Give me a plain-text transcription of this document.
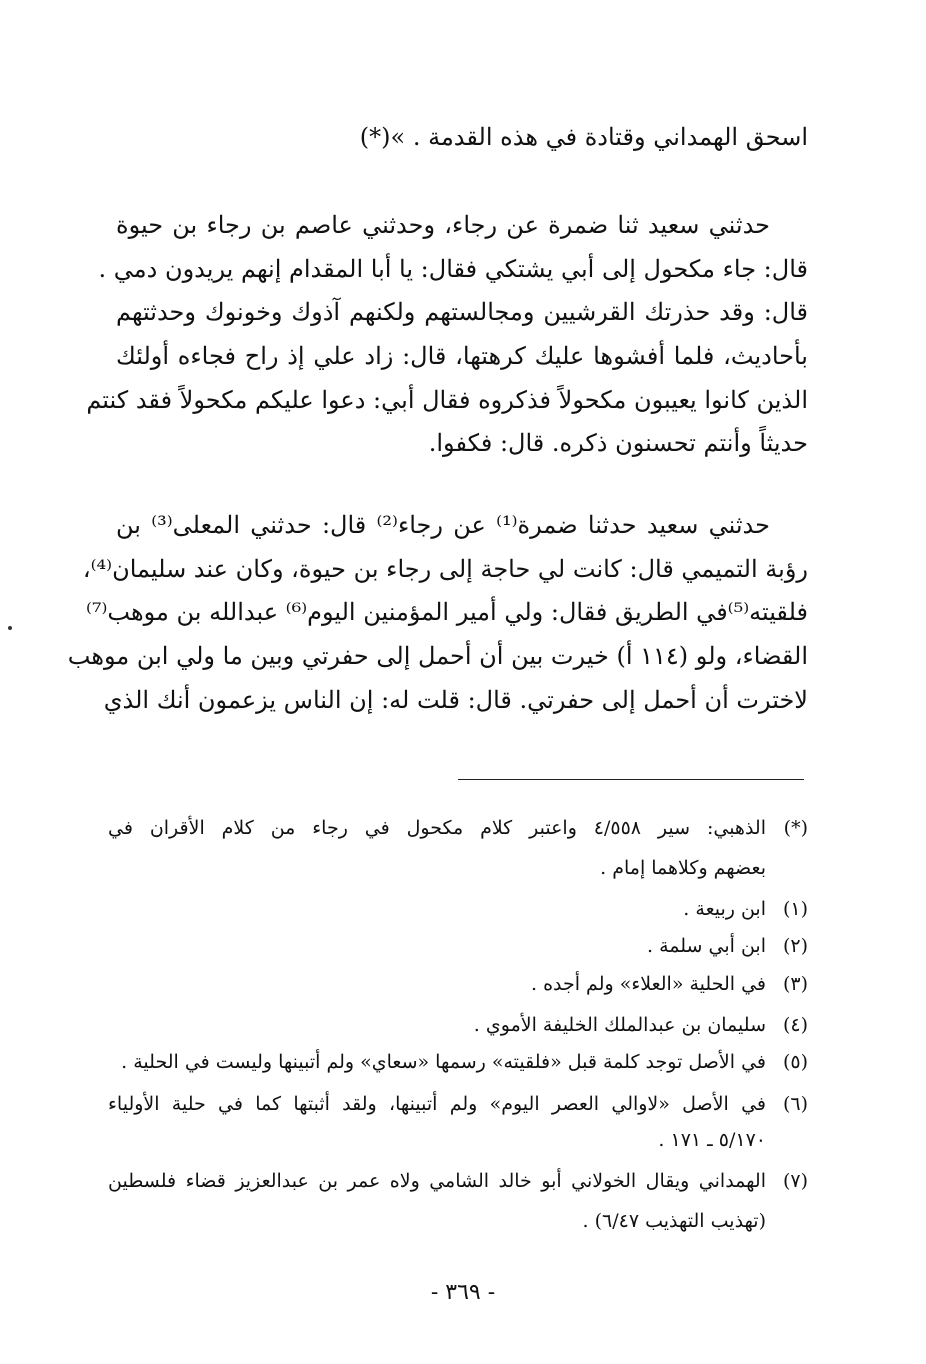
اسحق الهمداني وقتادة في هذه القدمة . »(*)
حدثني سعيد ثنا ضمرة عن رجاء، وحدثني عاصم بن رجاء بن حيوة
قال: جاء مكحول إلى أبي يشتكي فقال: يا أبا المقدام إنهم يريدون دمي .
قال: وقد حذرتك القرشيين ومجالستهم ولكنهم آذوك وخونوك وحدثتهم
بأحاديث، فلما أفشوها عليك كرهتها، قال: زاد علي إذ راح فجاءه أولئك
الذين كانوا يعيبون مكحولاً فذكروه فقال أبي: دعوا عليكم مكحولاً فقد كنتم
حديثاً وأنتم تحسنون ذكره. قال: فكفوا.
حدثني سعيد حدثنا ضمرة⁽¹⁾ عن رجاء⁽²⁾ قال: حدثني المعلى⁽³⁾ بن
رؤبة التميمي قال: كانت لي حاجة إلى رجاء بن حيوة، وكان عند سليمان⁽⁴⁾،
فلقيته⁽⁵⁾في الطريق فقال: ولي أمير المؤمنين اليوم⁽⁶⁾ عبدالله بن موهب⁽⁷⁾
القضاء، ولو (١١٤ أ) خيرت بين أن أحمل إلى حفرتي وبين ما ولي ابن موهب
لاخترت أن أحمل إلى حفرتي. قال: قلت له: إن الناس يزعمون أنك الذي
(*)
الذهبي: سير ٤/٥٥٨ واعتبر كلام مكحول في رجاء من كلام الأقران في
بعضهم وكلاهما إمام .
(١)
ابن ربيعة .
(٢)
ابن أبي سلمة .
(٣)
في الحلية «العلاء» ولم أجده .
(٤)
سليمان بن عبدالملك الخليفة الأموي .
(٥)
في الأصل توجد كلمة قبل «فلقيته» رسمها «سعاي» ولم أتبينها وليست في الحلية .
(٦)
في الأصل «لاوالي العصر اليوم» ولم أتبينها، ولقد أثبتها كما في حلية الأولياء
٥/١٧٠ ـ ١٧١ .
(٧)
الهمداني ويقال الخولاني أبو خالد الشامي ولاه عمر بن عبدالعزيز قضاء فلسطين
(تهذيب التهذيب ٦/٤٧) .
- ٣٦٩ -
